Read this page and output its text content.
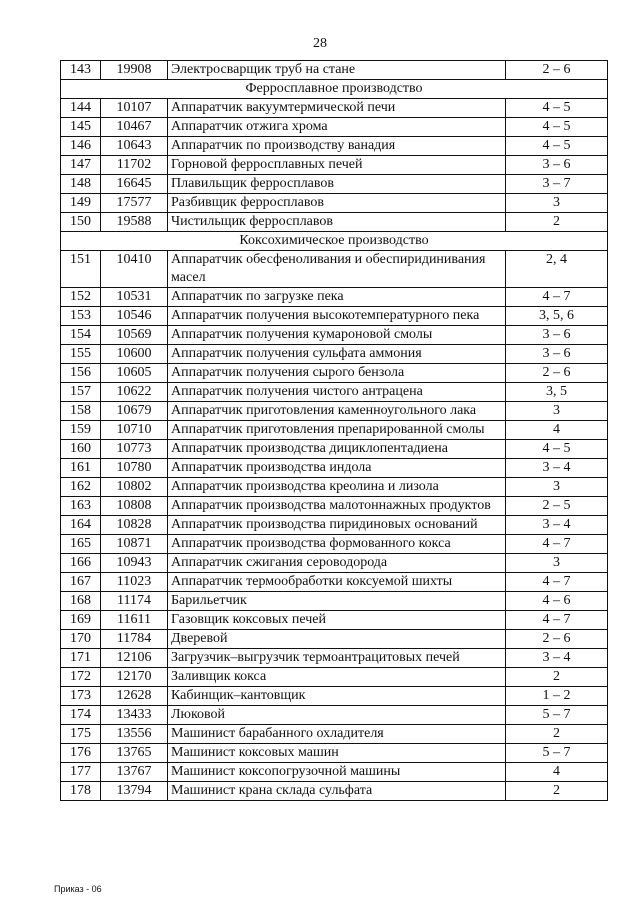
28
143	19908	Электросварщик труб на стане	2 – 6
Ферросплавное производство			
144	10107	Аппаратчик вакуумтермической печи	4 – 5
145	10467	Аппаратчик отжига хрома	4 – 5
146	10643	Аппаратчик по производству ванадия	4 – 5
147	11702	Горновой ферросплавных печей	3 – 6
148	16645	Плавильщик ферросплавов	3 – 7
149	17577	Разбивщик ферросплавов	3
150	19588	Чистильщик ферросплавов	2
Коксохимическое производство			
151	10410	Аппаратчик обесфеноливания и обеспиридинивания масел	2, 4
152	10531	Аппаратчик по загрузке пека	4 – 7
153	10546	Аппаратчик получения высокотемпературного пека	3, 5, 6
154	10569	Аппаратчик получения кумароновой смолы	3 – 6
155	10600	Аппаратчик получения сульфата аммония	3 – 6
156	10605	Аппаратчик получения сырого бензола	2 – 6
157	10622	Аппаратчик получения чистого антрацена	3, 5
158	10679	Аппаратчик приготовления каменноугольного лака	3
159	10710	Аппаратчик приготовления препарированной смолы	4
160	10773	Аппаратчик производства дициклопентадиена	4 – 5
161	10780	Аппаратчик производства индола	3 – 4
162	10802	Аппаратчик производства креолина и лизола	3
163	10808	Аппаратчик производства малотоннажных продуктов	2 – 5
164	10828	Аппаратчик производства пиридиновых оснований	3 – 4
165	10871	Аппаратчик производства формованного кокса	4 – 7
166	10943	Аппаратчик сжигания сероводорода	3
167	11023	Аппаратчик термообработки коксуемой шихты	4 – 7
168	11174	Барильетчик	4 – 6
169	11611	Газовщик коксовых печей	4 – 7
170	11784	Дверевой	2 – 6
171	12106	Загрузчик–выгрузчик термоантрацитовых печей	3 – 4
172	12170	Заливщик кокса	2
173	12628	Кабинщик–кантовщик	1 – 2
174	13433	Люковой	5 – 7
175	13556	Машинист барабанного охладителя	2
176	13765	Машинист коксовых машин	5 – 7
177	13767	Машинист коксопогрузочной машины	4
178	13794	Машинист крана склада сульфата	2
Приказ - 06
